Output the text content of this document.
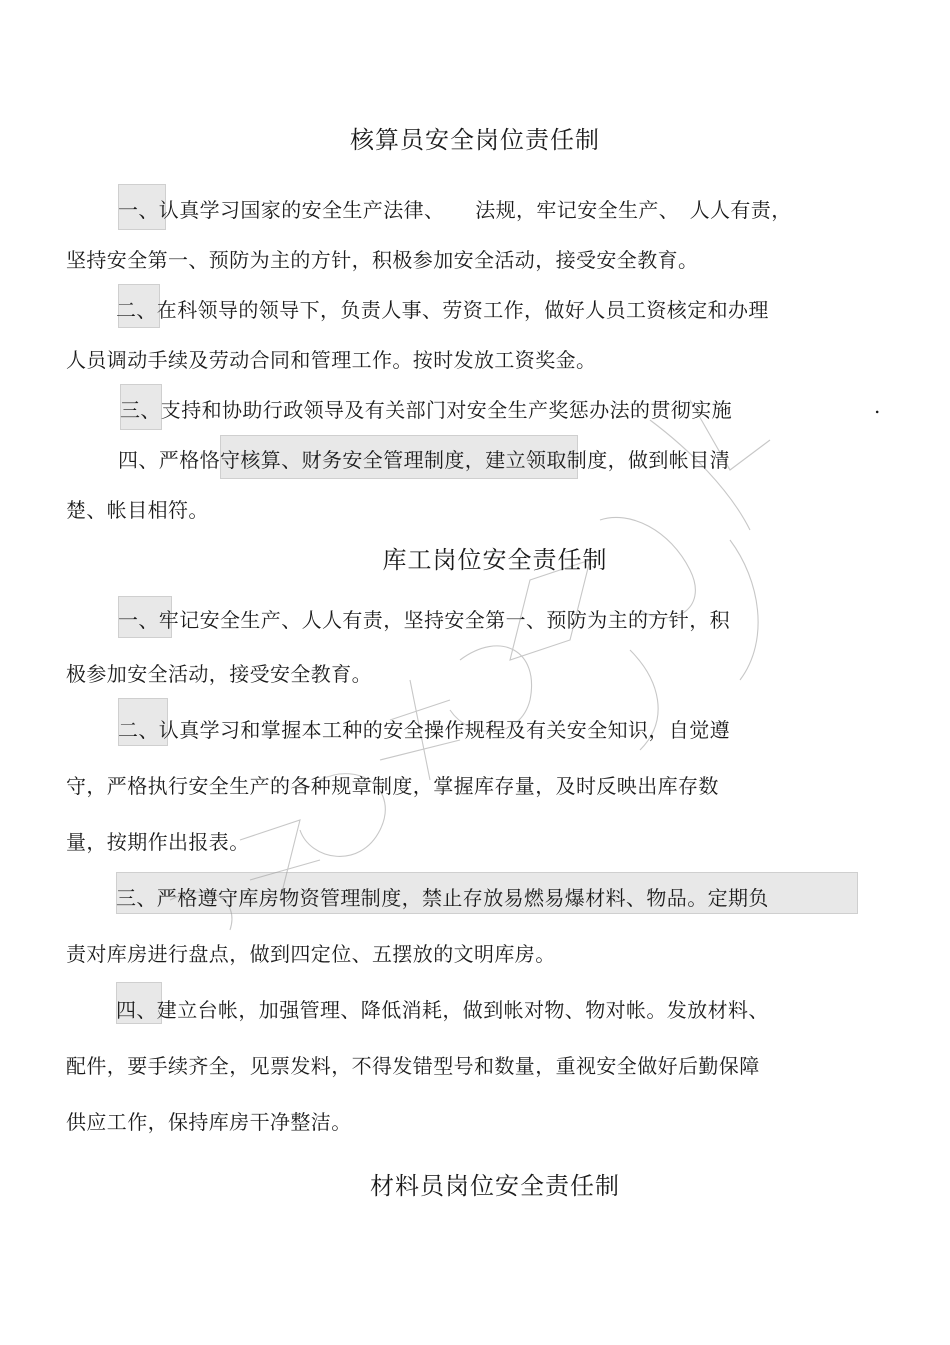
核算员安全岗位责任制
一、认真学习国家的安全生产法律、　　法规，牢记安全生产、　人人有责，
坚持安全第一、预防为主的方针，积极参加安全活动，接受安全教育。
二、在科领导的领导下，负责人事、劳资工作，做好人员工资核定和办理
人员调动手续及劳动合同和管理工作。按时发放工资奖金。
三、支持和协助行政领导及有关部门对安全生产奖惩办法的贯彻实施	.
四、严格恪守核算、财务安全管理制度，建立领取制度，做到帐目清
楚、帐目相符。
库工岗位安全责任制
一、牢记安全生产、人人有责，坚持安全第一、预防为主的方针，积
极参加安全活动，接受安全教育。
二、认真学习和掌握本工种的安全操作规程及有关安全知识，自觉遵
守，严格执行安全生产的各种规章制度，掌握库存量，及时反映出库存数
量，按期作出报表。
三、严格遵守库房物资管理制度，禁止存放易燃易爆材料、物品。定期负
责对库房进行盘点，做到四定位、五摆放的文明库房。
四、建立台帐，加强管理、降低消耗，做到帐对物、物对帐。发放材料、
配件，要手续齐全，见票发料，不得发错型号和数量，重视安全做好后勤保障
供应工作，保持库房干净整洁。
材料员岗位安全责任制
